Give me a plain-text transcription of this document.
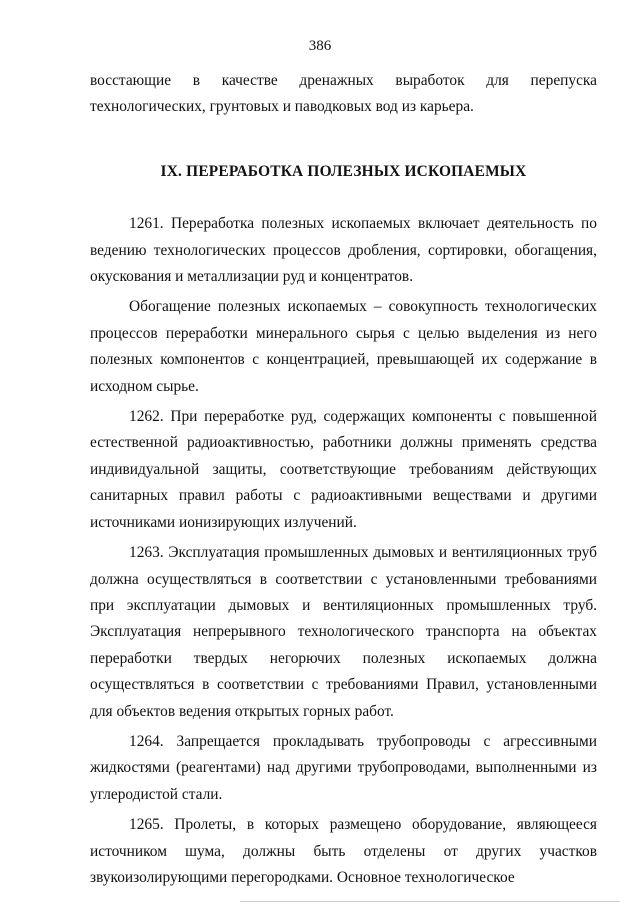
386

восстающие в качестве дренажных выработок для перепуска технологических, грунтовых и паводковых вод из карьера.

IX. ПЕРЕРАБОТКА ПОЛЕЗНЫХ ИСКОПАЕМЫХ

1261. Переработка полезных ископаемых включает деятельность по ведению технологических процессов дробления, сортировки, обогащения, окускования и металлизации руд и концентратов.

Обогащение полезных ископаемых – совокупность технологических процессов переработки минерального сырья с целью выделения из него полезных компонентов с концентрацией, превышающей их содержание в исходном сырье.

1262. При переработке руд, содержащих компоненты с повышенной естественной радиоактивностью, работники должны применять средства индивидуальной защиты, соответствующие требованиям действующих санитарных правил работы с радиоактивными веществами и другими источниками ионизирующих излучений.

1263. Эксплуатация промышленных дымовых и вентиляционных труб должна осуществляться в соответствии с установленными требованиями при эксплуатации дымовых и вентиляционных промышленных труб. Эксплуатация непрерывного технологического транспорта на объектах переработки твердых негорючих полезных ископаемых должна осуществляться в соответствии с требованиями Правил, установленными для объектов ведения открытых горных работ.

1264. Запрещается прокладывать трубопроводы с агрессивными жидкостями (реагентами) над другими трубопроводами, выполненными из углеродистой стали.

1265. Пролеты, в которых размещено оборудование, являющееся источником шума, должны быть отделены от других участков звукоизолирующими перегородками. Основное технологическое
